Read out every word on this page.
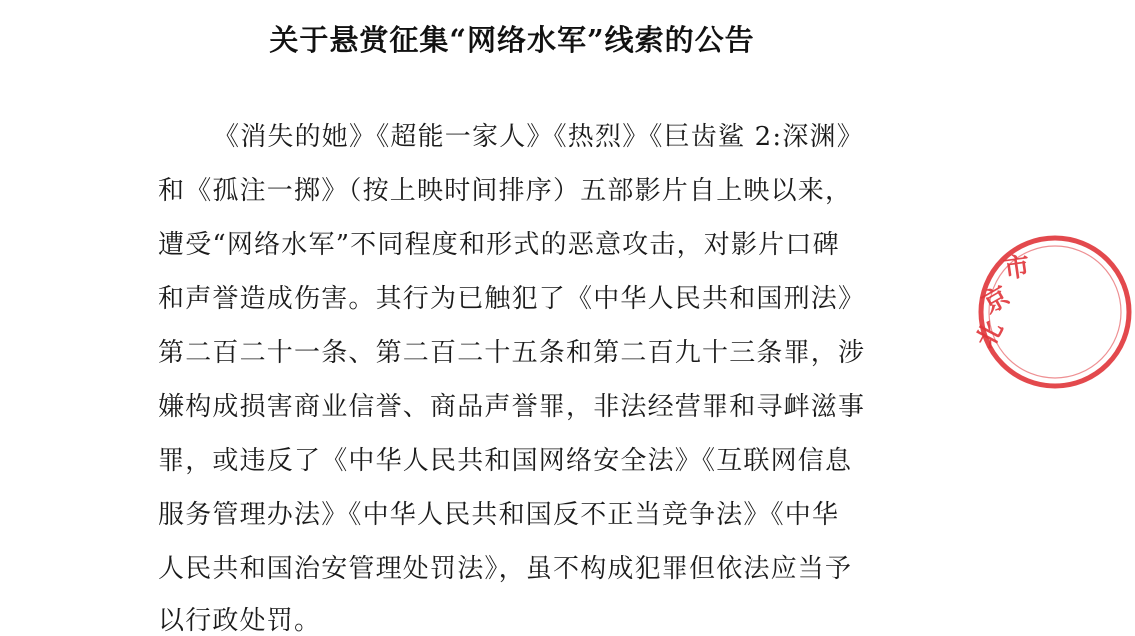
关于悬赏征集“网络水军”线索的公告
《消失的她》《超能一家人》《热烈》《巨齿鲨 2:深渊》
和《孤注一掷》（按上映时间排序）五部影片自上映以来，
遭受“网络水军”不同程度和形式的恶意攻击，对影片口碑
和声誉造成伤害。其行为已触犯了《中华人民共和国刑法》
第二百二十一条、第二百二十五条和第二百九十三条罪，涉
嫌构成损害商业信誉、商品声誉罪，非法经营罪和寻衅滋事
罪，或违反了《中华人民共和国网络安全法》《互联网信息
服务管理办法》《中华人民共和国反不正当竞争法》《中华
人民共和国治安管理处罚法》，虽不构成犯罪但依法应当予
以行政处罚。
北
京
市
